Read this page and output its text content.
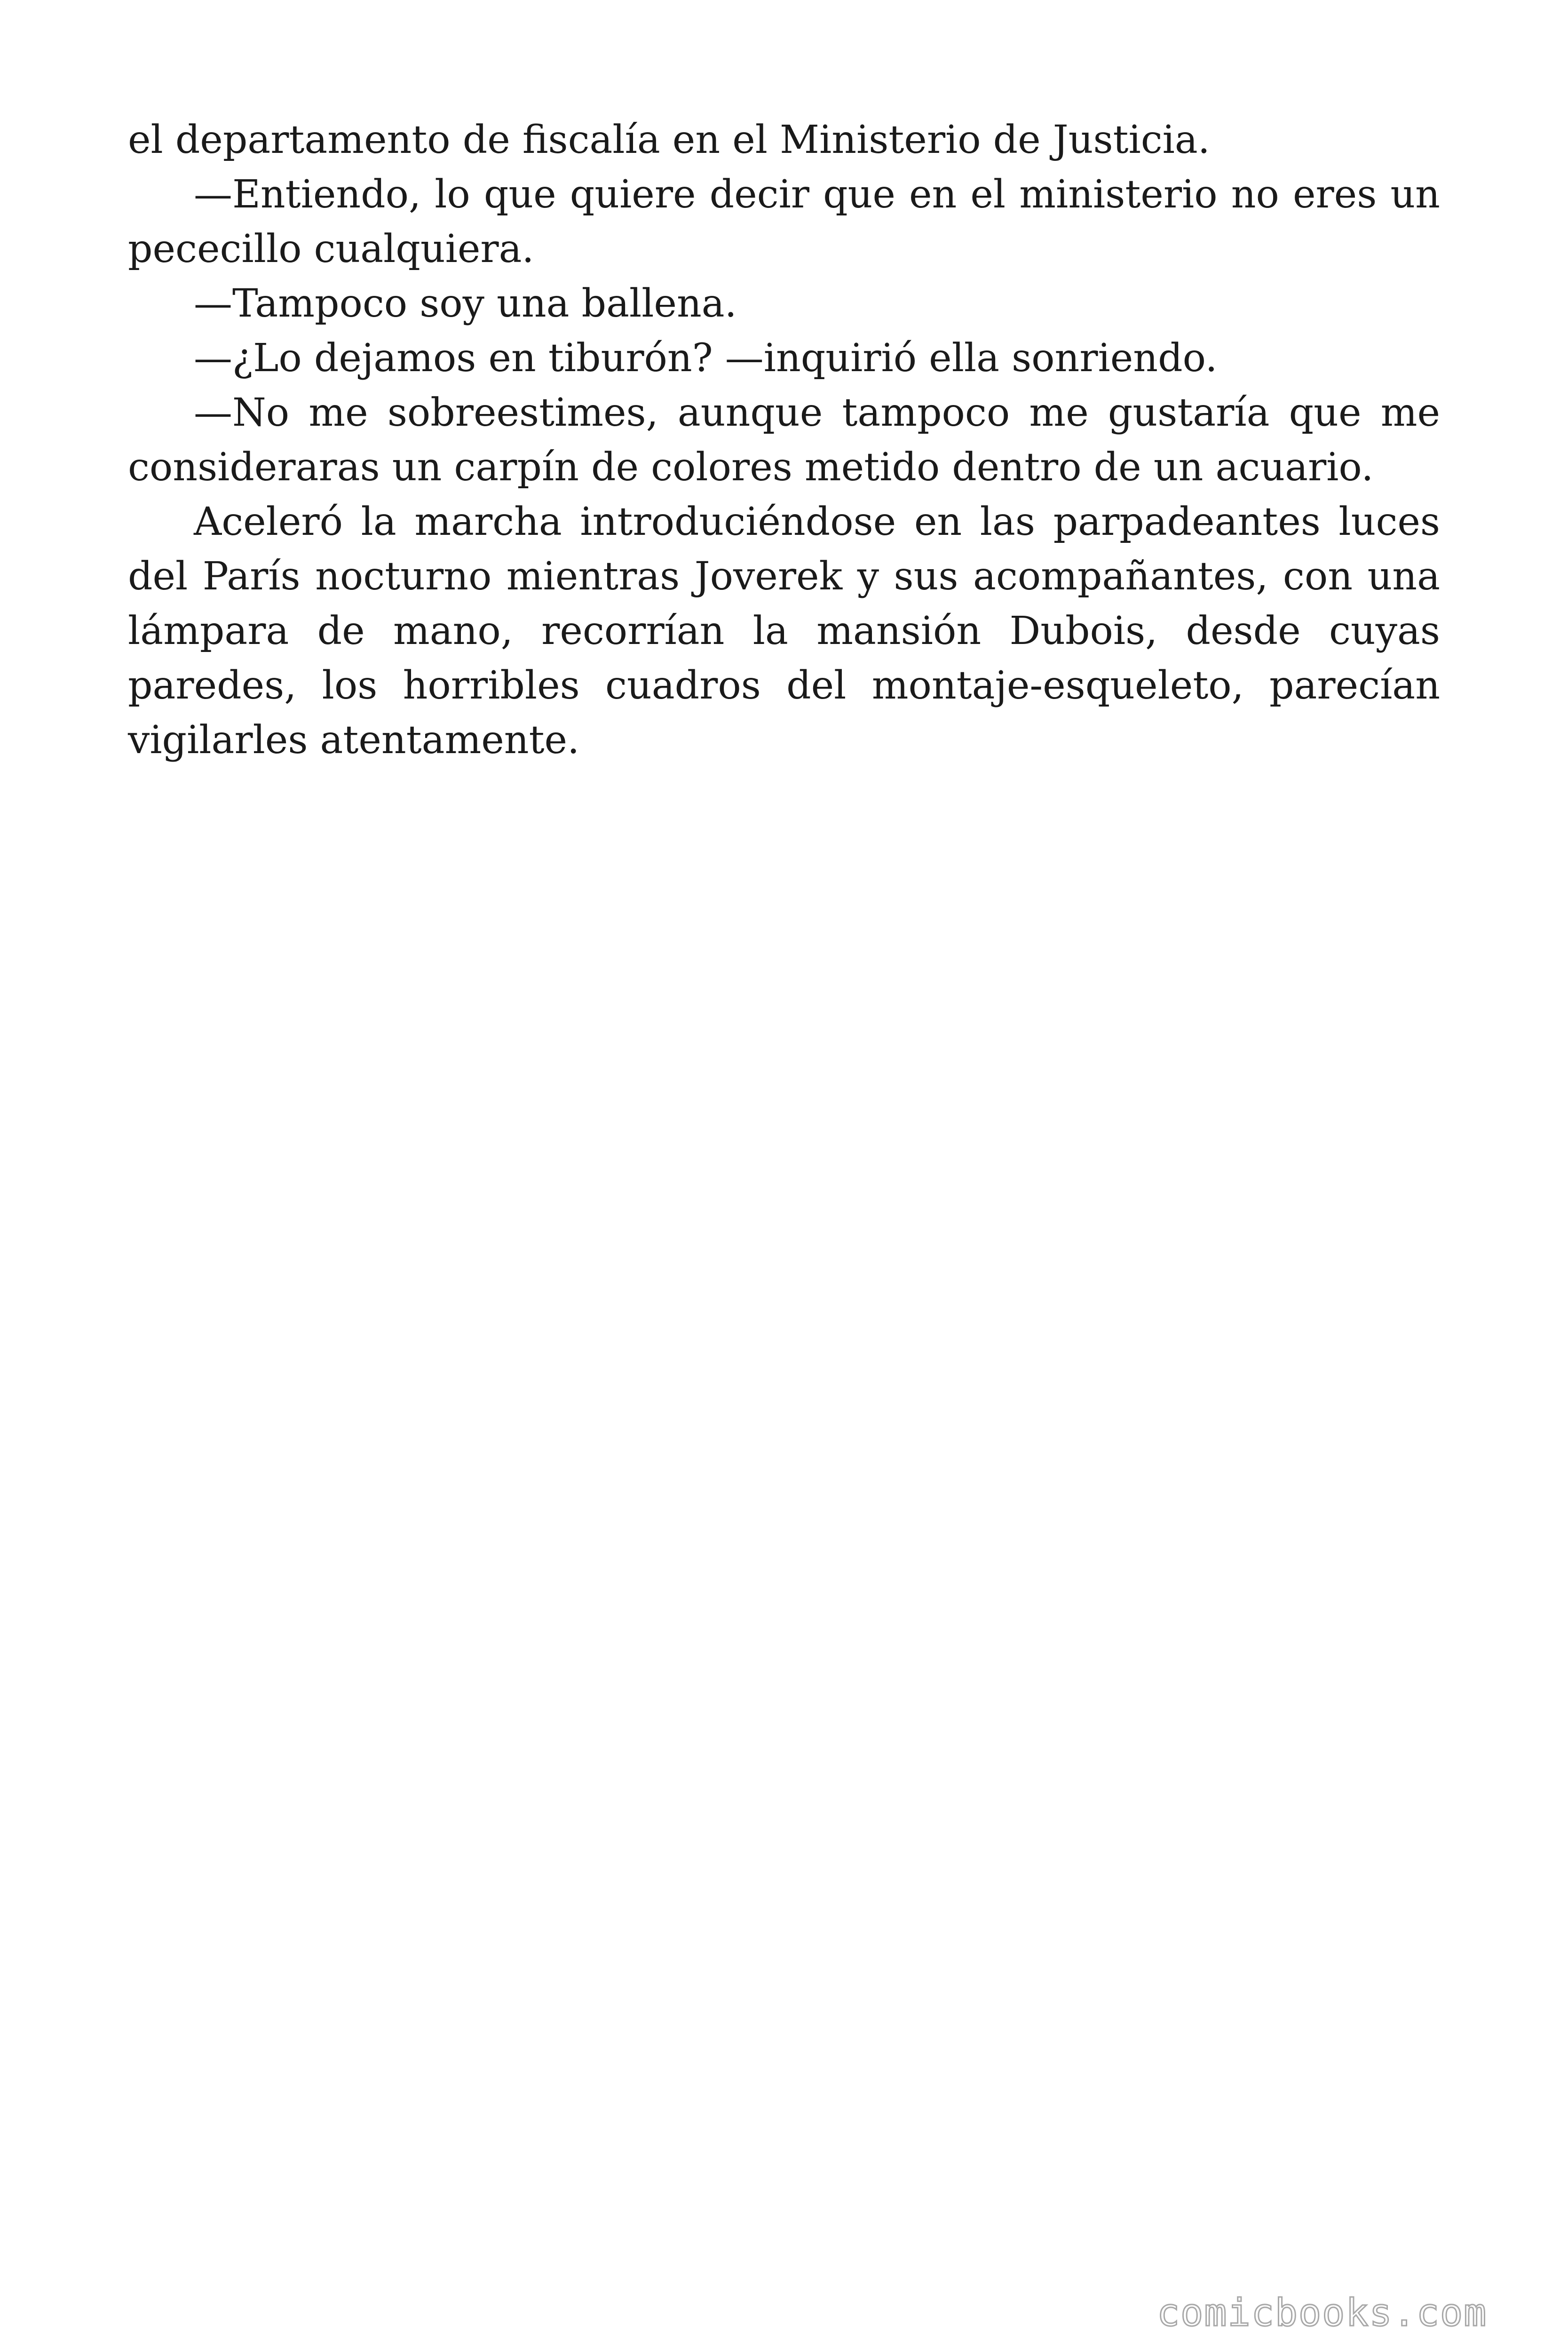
el departamento de fiscalía en el Ministerio de Justicia.

—Entiendo, lo que quiere decir que en el ministerio no eres un pececillo cualquiera.

—Tampoco soy una ballena.

—¿Lo dejamos en tiburón? —inquirió ella sonriendo.

—No me sobreestimes, aunque tampoco me gustaría que me consideraras un carpín de colores metido dentro de un acuario.

Aceleró la marcha introduciéndose en las parpadeantes luces del París nocturno mientras Joverek y sus acompañantes, con una lámpara de mano, recorrían la mansión Dubois, desde cuyas paredes, los horribles cuadros del montaje-esqueleto, parecían vigilarles atentamente.

comicbooks.com
